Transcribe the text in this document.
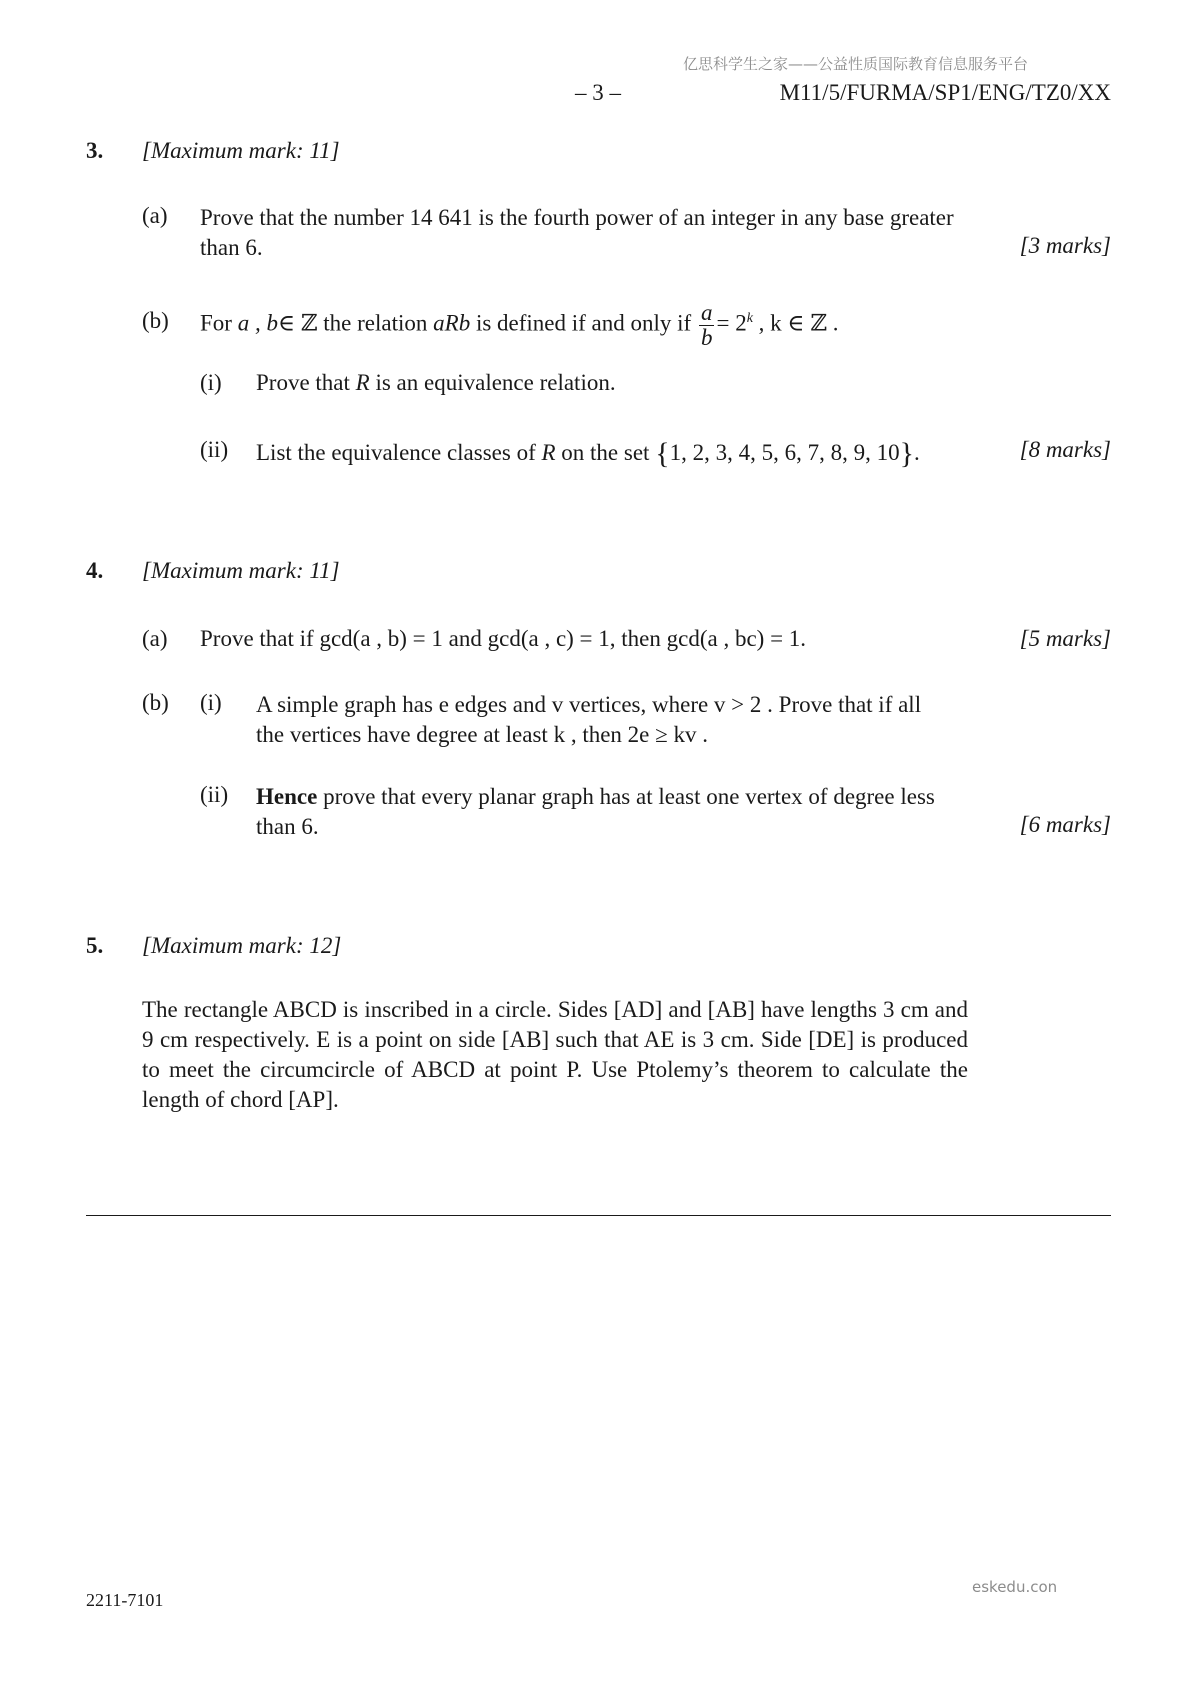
亿思科学生之家——公益性质国际教育信息服务平台
– 3 –	M11/5/FURMA/SP1/ENG/TZ0/XX
3. [Maximum mark: 11]
(a) Prove that the number 14 641 is the fourth power of an integer in any base greater
than 6.	[3 marks]
(b) For a , b∈ ℤ the relation aRb is defined if and only if $\frac{a}{b} = 2^k$ , k ∈ ℤ .
(i) Prove that R is an equivalence relation.
(ii) List the equivalence classes of R on the set {1, 2, 3, 4, 5, 6, 7, 8, 9, 10}.	[8 marks]
4. [Maximum mark: 11]
(a) Prove that if gcd(a , b) = 1 and gcd(a , c) = 1, then gcd(a , bc) = 1.	[5 marks]
(b) (i) A simple graph has e edges and v vertices, where v > 2 . Prove that if all
the vertices have degree at least k , then 2e ≥ kv .
(ii) Hence prove that every planar graph has at least one vertex of degree less
than 6.	[6 marks]
5. [Maximum mark: 12]
The rectangle ABCD is inscribed in a circle. Sides [AD] and [AB] have lengths 3 cm and 9 cm respectively. E is a point on side [AB] such that AE is 3 cm. Side [DE] is produced to meet the circumcircle of ABCD at point P. Use Ptolemy’s theorem to calculate the length of chord [AP].
2211-7101
eskedu.con
